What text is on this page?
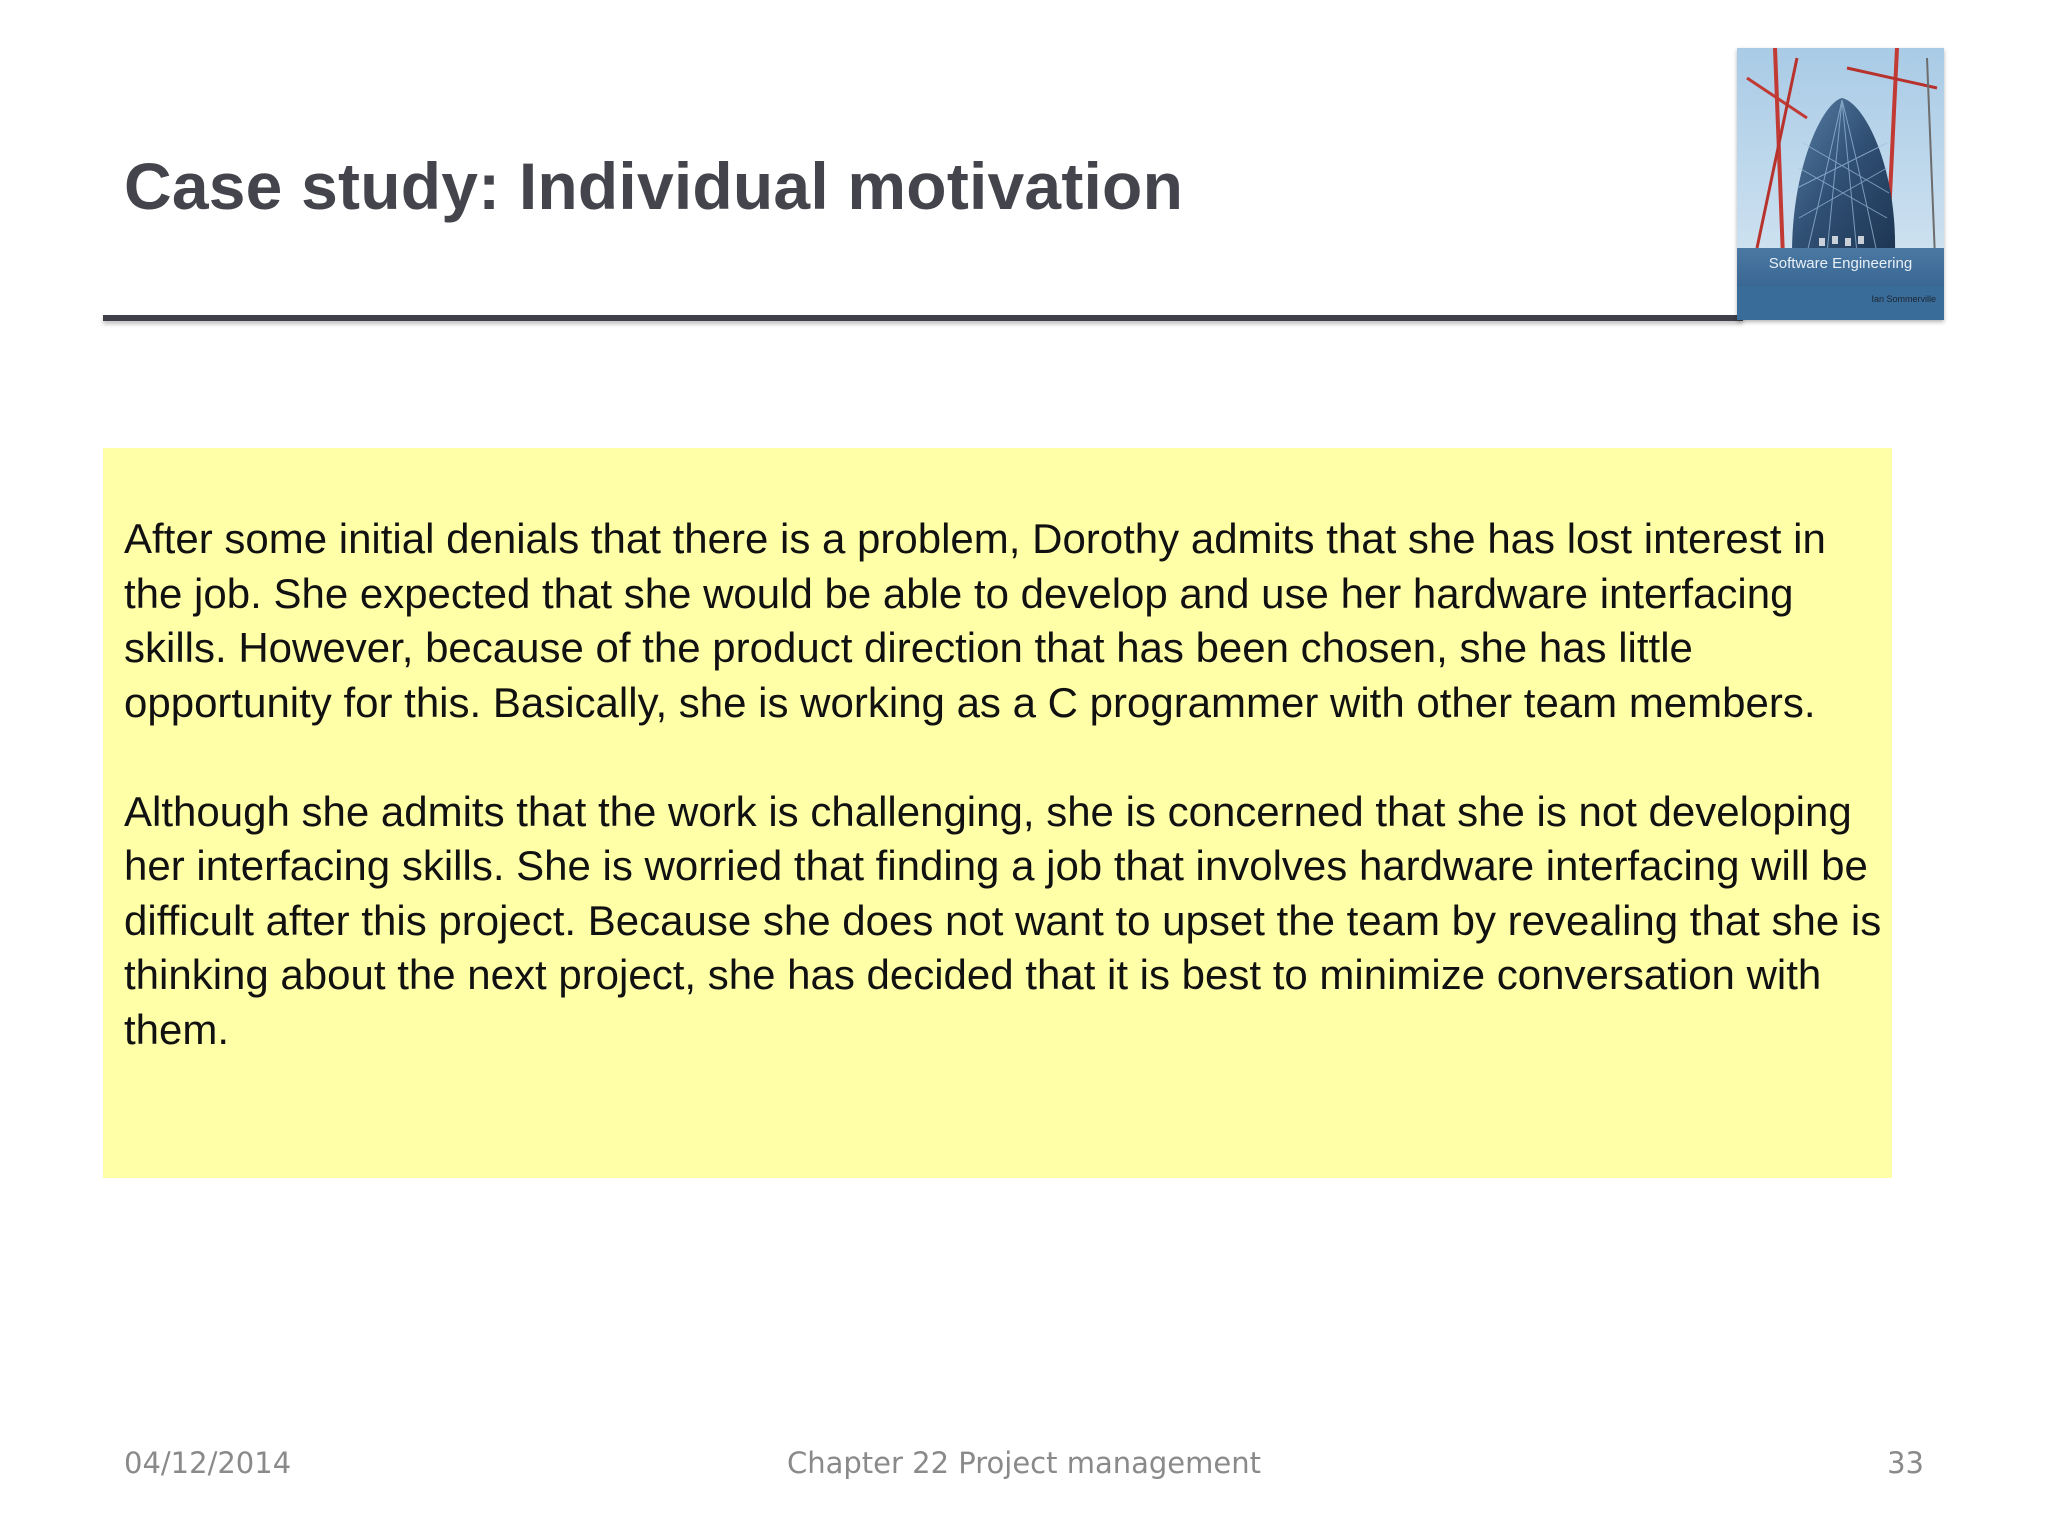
Case study: Individual motivation
Software Engineering
Ian Sommerville

After some initial denials that there is a problem, Dorothy admits that she has lost interest in the job. She expected that she would be able to develop and use her hardware interfacing skills. However, because of the product direction that has been chosen, she has little opportunity for this. Basically, she is working as a C programmer with other team members.

Although she admits that the work is challenging, she is concerned that she is not developing her interfacing skills. She is worried that finding a job that involves hardware interfacing will be difficult after this project. Because she does not want to upset the team by revealing that she is thinking about the next project, she has decided that it is best to minimize conversation with them.

04/12/2014	Chapter 22 Project management	33
